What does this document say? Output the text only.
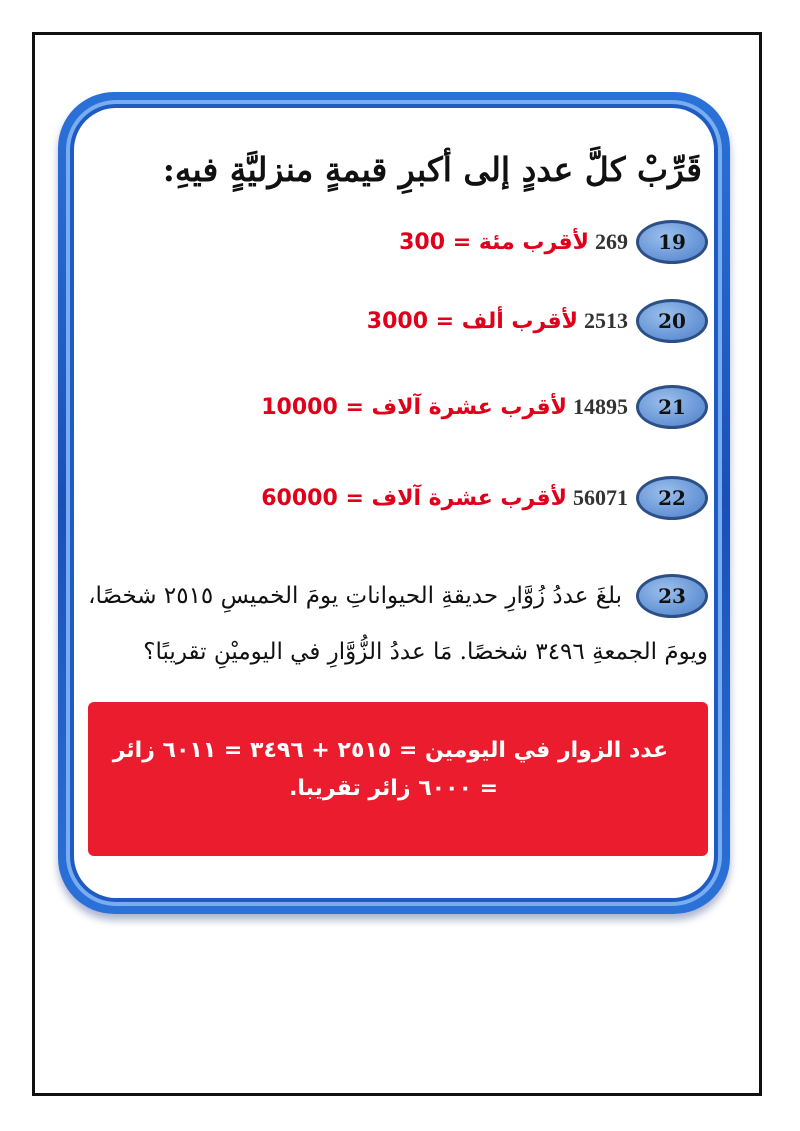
قَرِّبْ كلَّ عددٍ إلى أكبرِ قيمةٍ منزليَّةٍ فيهِ:
19
269
لأقرب مئة = 300
20
2513
لأقرب ألف = 3000
21
14895
لأقرب عشرة آلاف = 10000
22
56071
لأقرب عشرة آلاف = 60000
23
بلغَ عددُ زُوَّارِ حديقةِ الحيواناتِ يومَ الخميسِ ٢٥١٥ شخصًا، ويومَ الجمعةِ ٣٤٩٦ شخصًا. مَا عددُ الزُّوَّارِ في اليوميْنِ تقريبًا؟
عدد الزوار في اليومين = ٢٥١٥ + ٣٤٩٦ = ٦٠١١ زائر
= ٦٠٠٠ زائر تقريبا.
